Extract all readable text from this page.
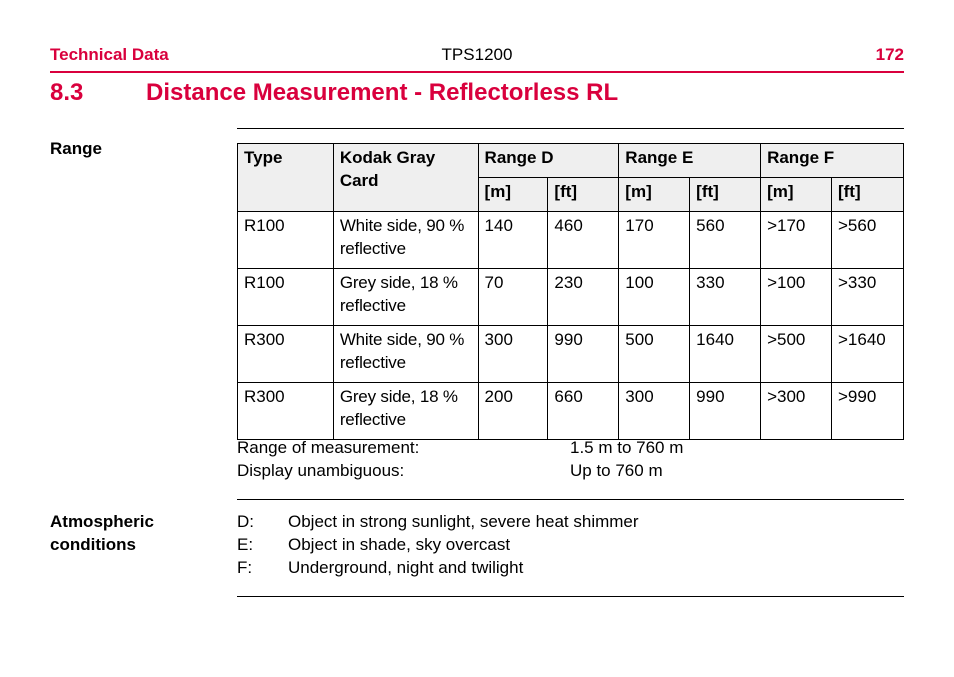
Technical Data	TPS1200	172
8.3	Distance Measurement - Reflectorless RL
Range	Type	Kodak Gray Card	Range D		Range E		Range F	
		[m]	[ft]	[m]	[ft]	[m]	[ft]
R100	White side, 90 % reflective	140	460	170	560	>170	>560
R100	Grey side, 18 % reflective	70	230	100	330	>100	>330
R300	White side, 90 % reflective	300	990	500	1640	>500	>1640
R300	Grey side, 18 % reflective	200	660	300	990	>300	>990
Range of measurement:	1.5 m to 760 m
Display unambiguous:	Up to 760 m
Atmospheric
conditions
D: Object in strong sunlight, severe heat shimmer
E: Object in shade, sky overcast
F: Underground, night and twilight
